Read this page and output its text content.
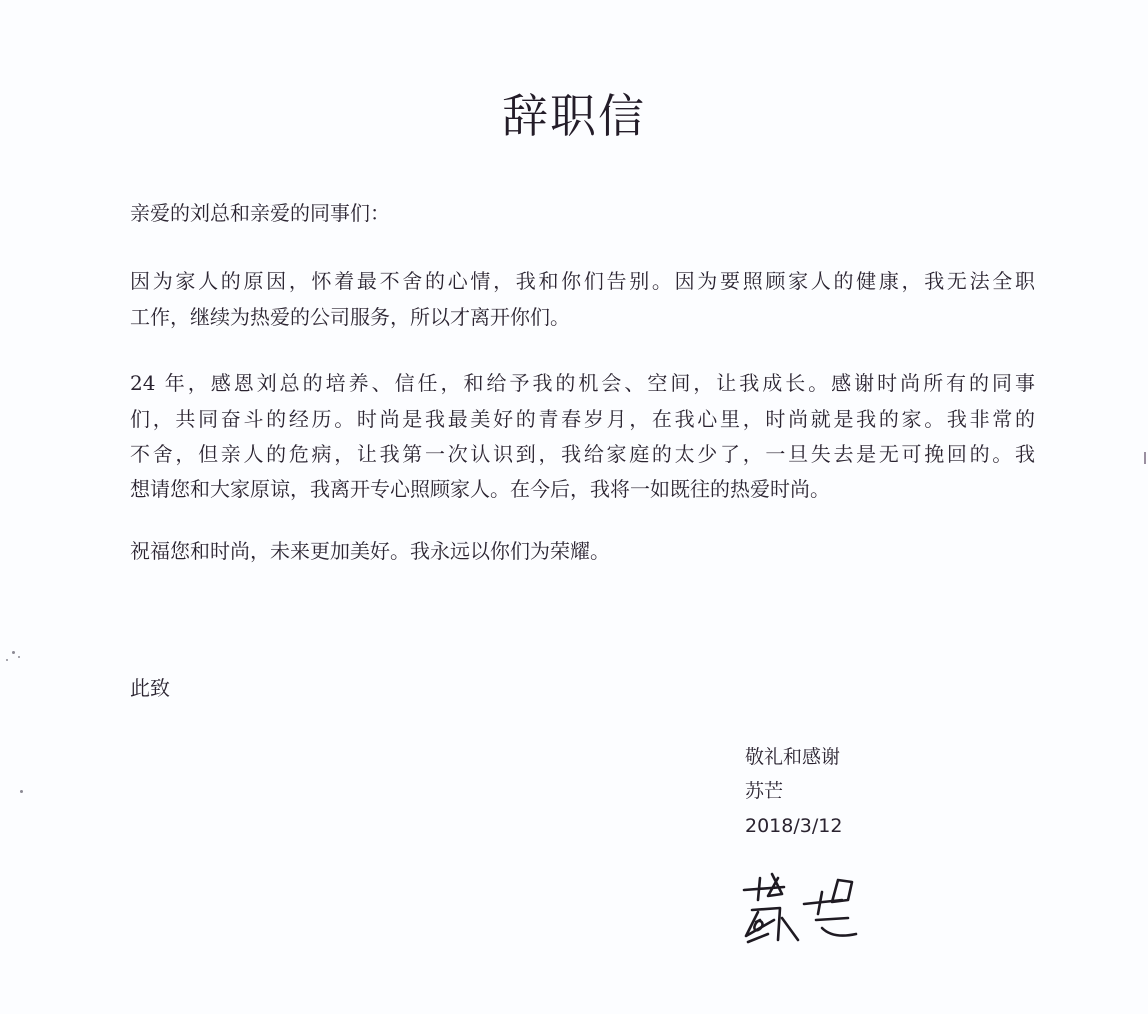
辞职信
亲爱的刘总和亲爱的同事们：
因为家人的原因，怀着最不舍的心情，我和你们告别。因为要照顾家人的健康，我无法全职
工作，继续为热爱的公司服务，所以才离开你们。
24 年，感恩刘总的培养、信任，和给予我的机会、空间，让我成长。感谢时尚所有的同事
们，共同奋斗的经历。时尚是我最美好的青春岁月，在我心里，时尚就是我的家。我非常的
不舍，但亲人的危病，让我第一次认识到，我给家庭的太少了，一旦失去是无可挽回的。我
想请您和大家原谅，我离开专心照顾家人。在今后，我将一如既往的热爱时尚。
祝福您和时尚，未来更加美好。我永远以你们为荣耀。
此致
敬礼和感谢
苏芒
2018/3/12
